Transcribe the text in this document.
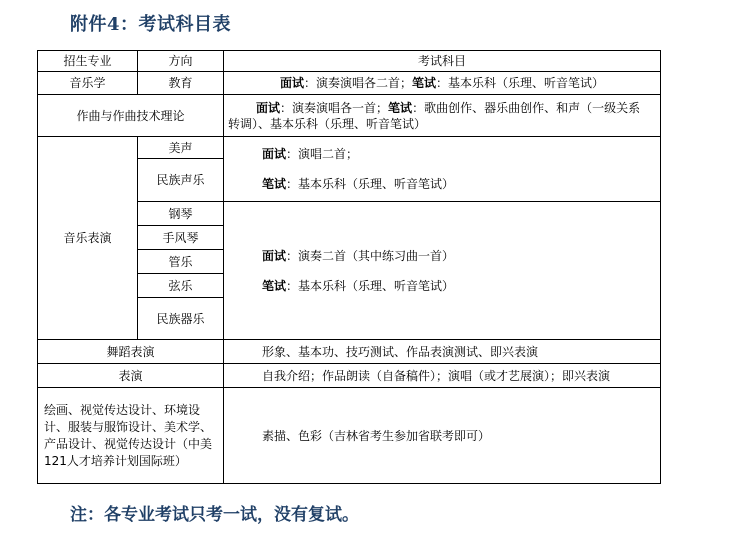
附件4：考试科目表
招生专业	方向	考试科目
音乐学	教育	面试：演奏演唱各二首；笔试：基本乐科（乐理、听音笔试）
作曲与作曲技术理论		面试：演奏演唱各一首；笔试：歌曲创作、器乐曲创作、和声（一级关系
转调）、基本乐科（乐理、听音笔试）

音乐表演	美声	面试：演唱二首；
笔试：基本乐科（乐理、听音笔试）

	民族声乐	
	钢琴	面试：演奏二首（其中练习曲一首）
笔试：基本乐科（乐理、听音笔试）

	手风琴	
	管乐	
	弦乐	
	民族器乐	
舞蹈表演		形象、基本功、技巧测试、作品表演测试、即兴表演
表演		自我介绍；作品朗读（自备稿件）；演唱（或才艺展演）；即兴表演
绘画、视觉传达设计、环境设计、服装与服饰设计、美术学、产品设计、视觉传达设计（中美121人才培养计划国际班）		素描、色彩（吉林省考生参加省联考即可）
注：各专业考试只考一试，没有复试。
